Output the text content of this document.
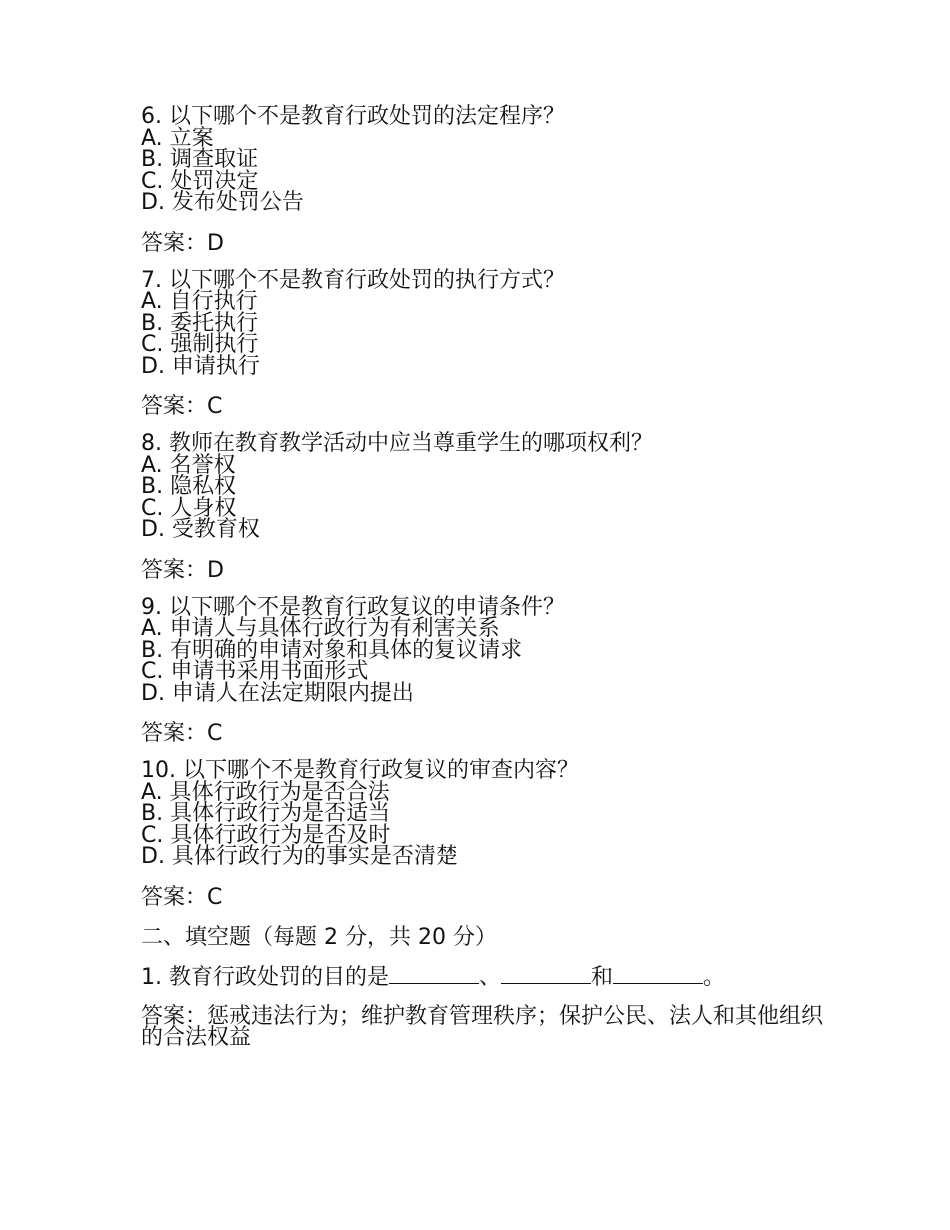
6. 以下哪个不是教育行政处罚的法定程序？
A. 立案
B. 调查取证
C. 处罚决定
D. 发布处罚公告
答案：D
7. 以下哪个不是教育行政处罚的执行方式？
A. 自行执行
B. 委托执行
C. 强制执行
D. 申请执行
答案：C
8. 教师在教育教学活动中应当尊重学生的哪项权利？
A. 名誉权
B. 隐私权
C. 人身权
D. 受教育权
答案：D
9. 以下哪个不是教育行政复议的申请条件？
A. 申请人与具体行政行为有利害关系
B. 有明确的申请对象和具体的复议请求
C. 申请书采用书面形式
D. 申请人在法定期限内提出
答案：C
10. 以下哪个不是教育行政复议的审查内容？
A. 具体行政行为是否合法
B. 具体行政行为是否适当
C. 具体行政行为是否及时
D. 具体行政行为的事实是否清楚
答案：C
二、填空题（每题 2 分，共 20 分）
1. 教育行政处罚的目的是	、	和	。
答案：惩戒违法行为；维护教育管理秩序；保护公民、法人和其他组织的合法权益
